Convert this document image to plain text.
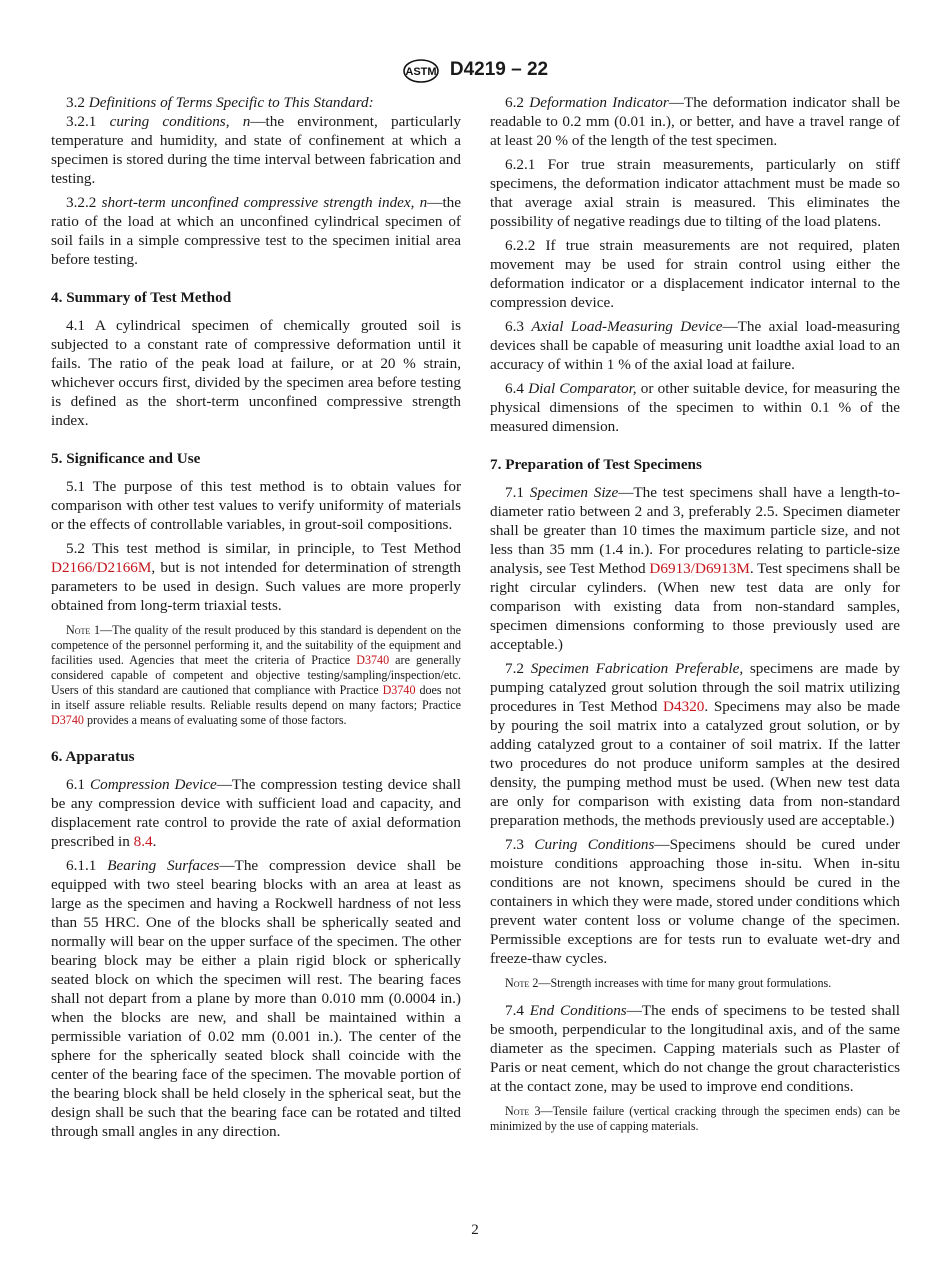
ASTM D4219 – 22
3.2 Definitions of Terms Specific to This Standard:
3.2.1 curing conditions, n—the environment, particularly temperature and humidity, and state of confinement at which a specimen is stored during the time interval between fabrication and testing.
3.2.2 short-term unconfined compressive strength index, n—the ratio of the load at which an unconfined cylindrical specimen of soil fails in a simple compressive test to the specimen initial area before testing.
4. Summary of Test Method
4.1 A cylindrical specimen of chemically grouted soil is subjected to a constant rate of compressive deformation until it fails. The ratio of the peak load at failure, or at 20 % strain, whichever occurs first, divided by the specimen area before testing is defined as the short-term unconfined compressive strength index.
5. Significance and Use
5.1 The purpose of this test method is to obtain values for comparison with other test values to verify uniformity of materials or the effects of controllable variables, in grout-soil compositions.
5.2 This test method is similar, in principle, to Test Method D2166/D2166M, but is not intended for determination of strength parameters to be used in design. Such values are more properly obtained from long-term triaxial tests.
Note 1—The quality of the result produced by this standard is dependent on the competence of the personnel performing it, and the suitability of the equipment and facilities used. Agencies that meet the criteria of Practice D3740 are generally considered capable of competent and objective testing/sampling/inspection/etc. Users of this standard are cautioned that compliance with Practice D3740 does not in itself assure reliable results. Reliable results depend on many factors; Practice D3740 provides a means of evaluating some of those factors.
6. Apparatus
6.1 Compression Device—The compression testing device shall be any compression device with sufficient load and capacity, and displacement rate control to provide the rate of axial deformation prescribed in 8.4.
6.1.1 Bearing Surfaces—The compression device shall be equipped with two steel bearing blocks with an area at least as large as the specimen and having a Rockwell hardness of not less than 55 HRC. One of the blocks shall be spherically seated and normally will bear on the upper surface of the specimen. The other bearing block may be either a plain rigid block or spherically seated block on which the specimen will rest. The bearing faces shall not depart from a plane by more than 0.010 mm (0.0004 in.) when the blocks are new, and shall be maintained within a permissible variation of 0.02 mm (0.001 in.). The center of the sphere for the spherically seated block shall coincide with the center of the bearing face of the specimen. The movable portion of the bearing block shall be held closely in the spherical seat, but the design shall be such that the bearing face can be rotated and tilted through small angles in any direction.
6.2 Deformation Indicator—The deformation indicator shall be readable to 0.2 mm (0.01 in.), or better, and have a travel range of at least 20 % of the length of the test specimen.
6.2.1 For true strain measurements, particularly on stiff specimens, the deformation indicator attachment must be made so that average axial strain is measured. This eliminates the possibility of negative readings due to tilting of the load platens.
6.2.2 If true strain measurements are not required, platen movement may be used for strain control using either the deformation indicator or a displacement indicator internal to the compression device.
6.3 Axial Load-Measuring Device—The axial load-measuring devices shall be capable of measuring unit loadthe axial load to an accuracy of within 1 % of the axial load at failure.
6.4 Dial Comparator, or other suitable device, for measuring the physical dimensions of the specimen to within 0.1 % of the measured dimension.
7. Preparation of Test Specimens
7.1 Specimen Size—The test specimens shall have a length-to-diameter ratio between 2 and 3, preferably 2.5. Specimen diameter shall be greater than 10 times the maximum particle size, and not less than 35 mm (1.4 in.). For procedures relating to particle-size analysis, see Test Method D6913/D6913M. Test specimens shall be right circular cylinders. (When new test data are only for comparison with existing data from non-standard samples, specimen dimensions conforming to those previously used are acceptable.)
7.2 Specimen Fabrication Preferable, specimens are made by pumping catalyzed grout solution through the soil matrix utilizing procedures in Test Method D4320. Specimens may also be made by pouring the soil matrix into a catalyzed grout solution, or by adding catalyzed grout to a container of soil matrix. If the latter two procedures do not produce uniform samples at the desired density, the pumping method must be used. (When new test data are only for comparison with existing data from non-standard preparation methods, the methods previously used are acceptable.)
7.3 Curing Conditions—Specimens should be cured under moisture conditions approaching those in-situ. When in-situ conditions are not known, specimens should be cured in the containers in which they were made, stored under conditions which prevent water content loss or volume change of the specimen. Permissible exceptions are for tests run to evaluate wet-dry and freeze-thaw cycles.
Note 2—Strength increases with time for many grout formulations.
7.4 End Conditions—The ends of specimens to be tested shall be smooth, perpendicular to the longitudinal axis, and of the same diameter as the specimen. Capping materials such as Plaster of Paris or neat cement, which do not change the grout characteristics at the contact zone, may be used to improve end conditions.
Note 3—Tensile failure (vertical cracking through the specimen ends) can be minimized by the use of capping materials.
2
